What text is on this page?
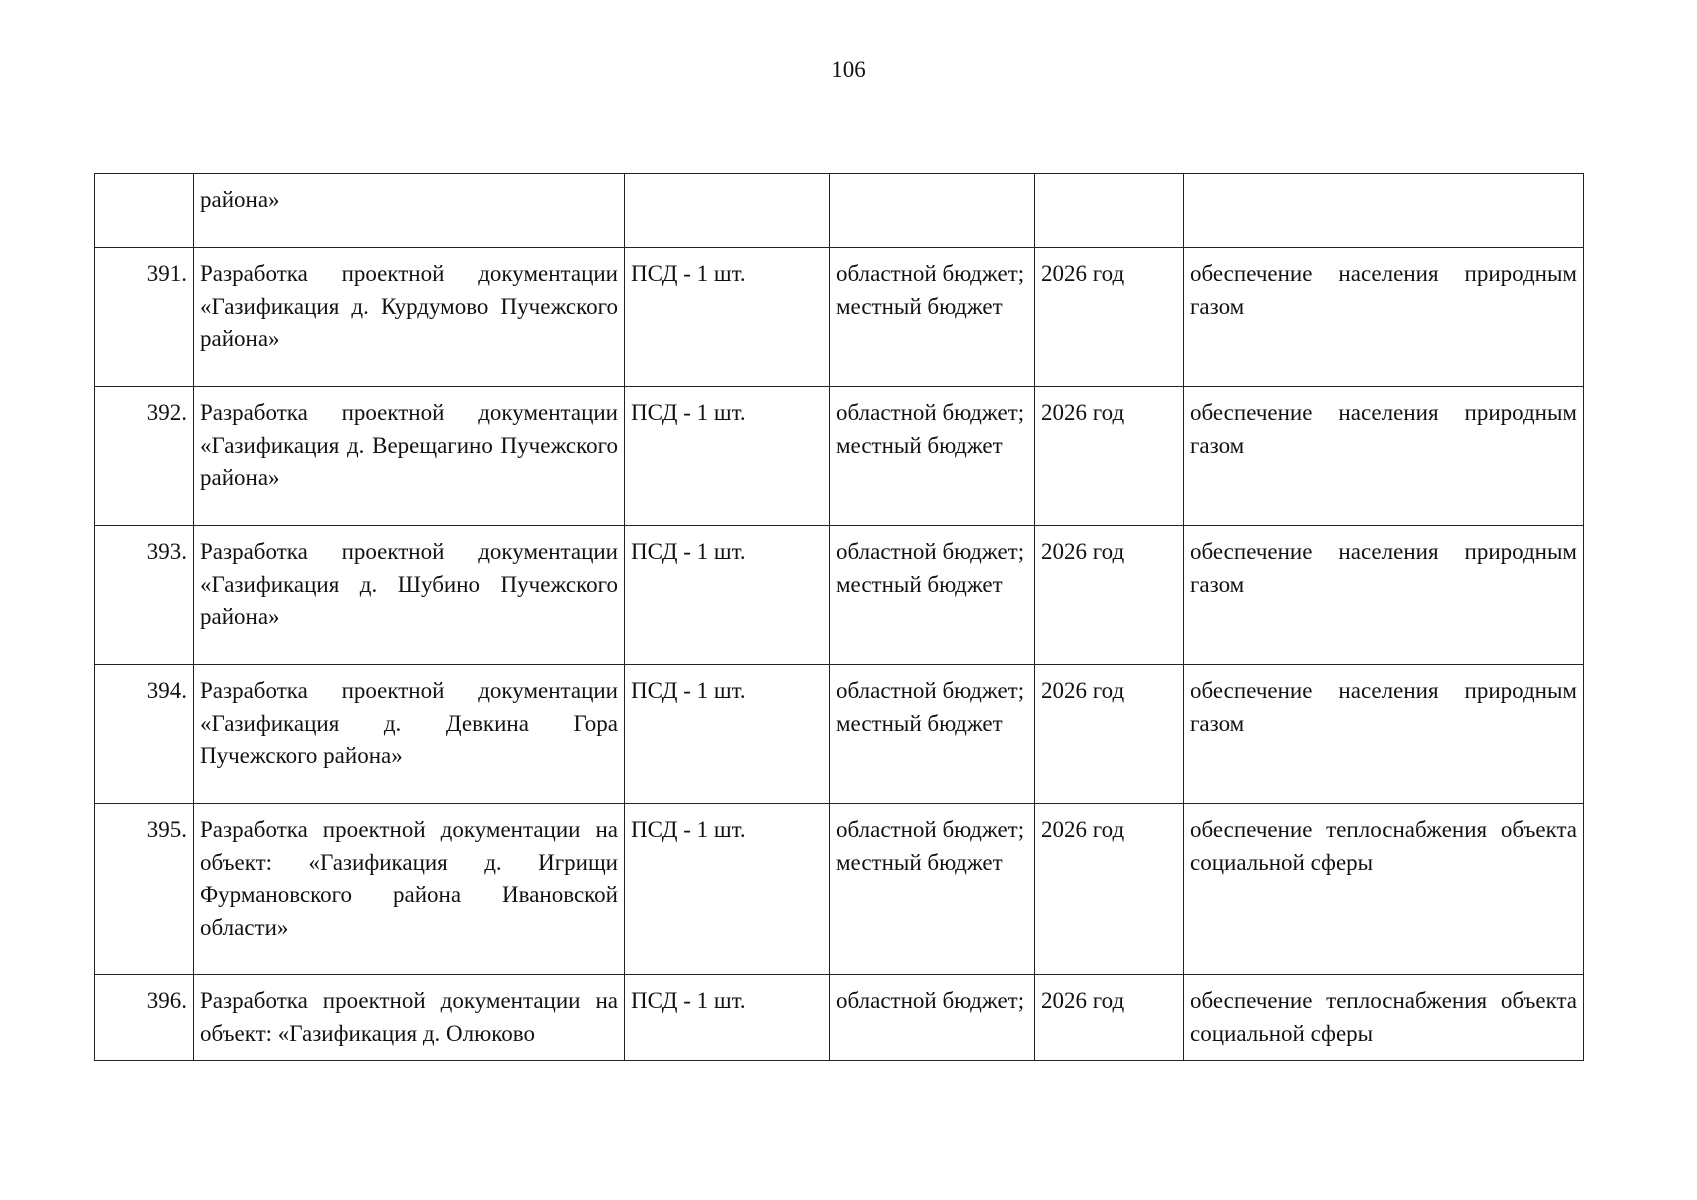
106
	района»				
391.	Разработка проектной документации «Газификация д. Курдумово Пучежского района»	ПСД - 1 шт.	областной бюджет; местный бюджет	2026 год	обеспечение населения природным газом
392.	Разработка проектной документации «Газификация д. Верещагино Пучежского района»	ПСД - 1 шт.	областной бюджет; местный бюджет	2026 год	обеспечение населения природным газом
393.	Разработка проектной документации «Газификация д. Шубино Пучежского района»	ПСД - 1 шт.	областной бюджет; местный бюджет	2026 год	обеспечение населения природным газом
394.	Разработка проектной документации «Газификация д. Девкина Гора Пучежского района»	ПСД - 1 шт.	областной бюджет; местный бюджет	2026 год	обеспечение населения природным газом
395.	Разработка проектной документации на объект: «Газификация д. Игрищи Фурмановского района Ивановской области»	ПСД - 1 шт.	областной бюджет; местный бюджет	2026 год	обеспечение теплоснабжения объекта социальной сферы
396.	Разработка проектной документации на объект: «Газификация д. Олюково	ПСД - 1 шт.	областной бюджет;	2026 год	обеспечение теплоснабжения объекта социальной сферы
